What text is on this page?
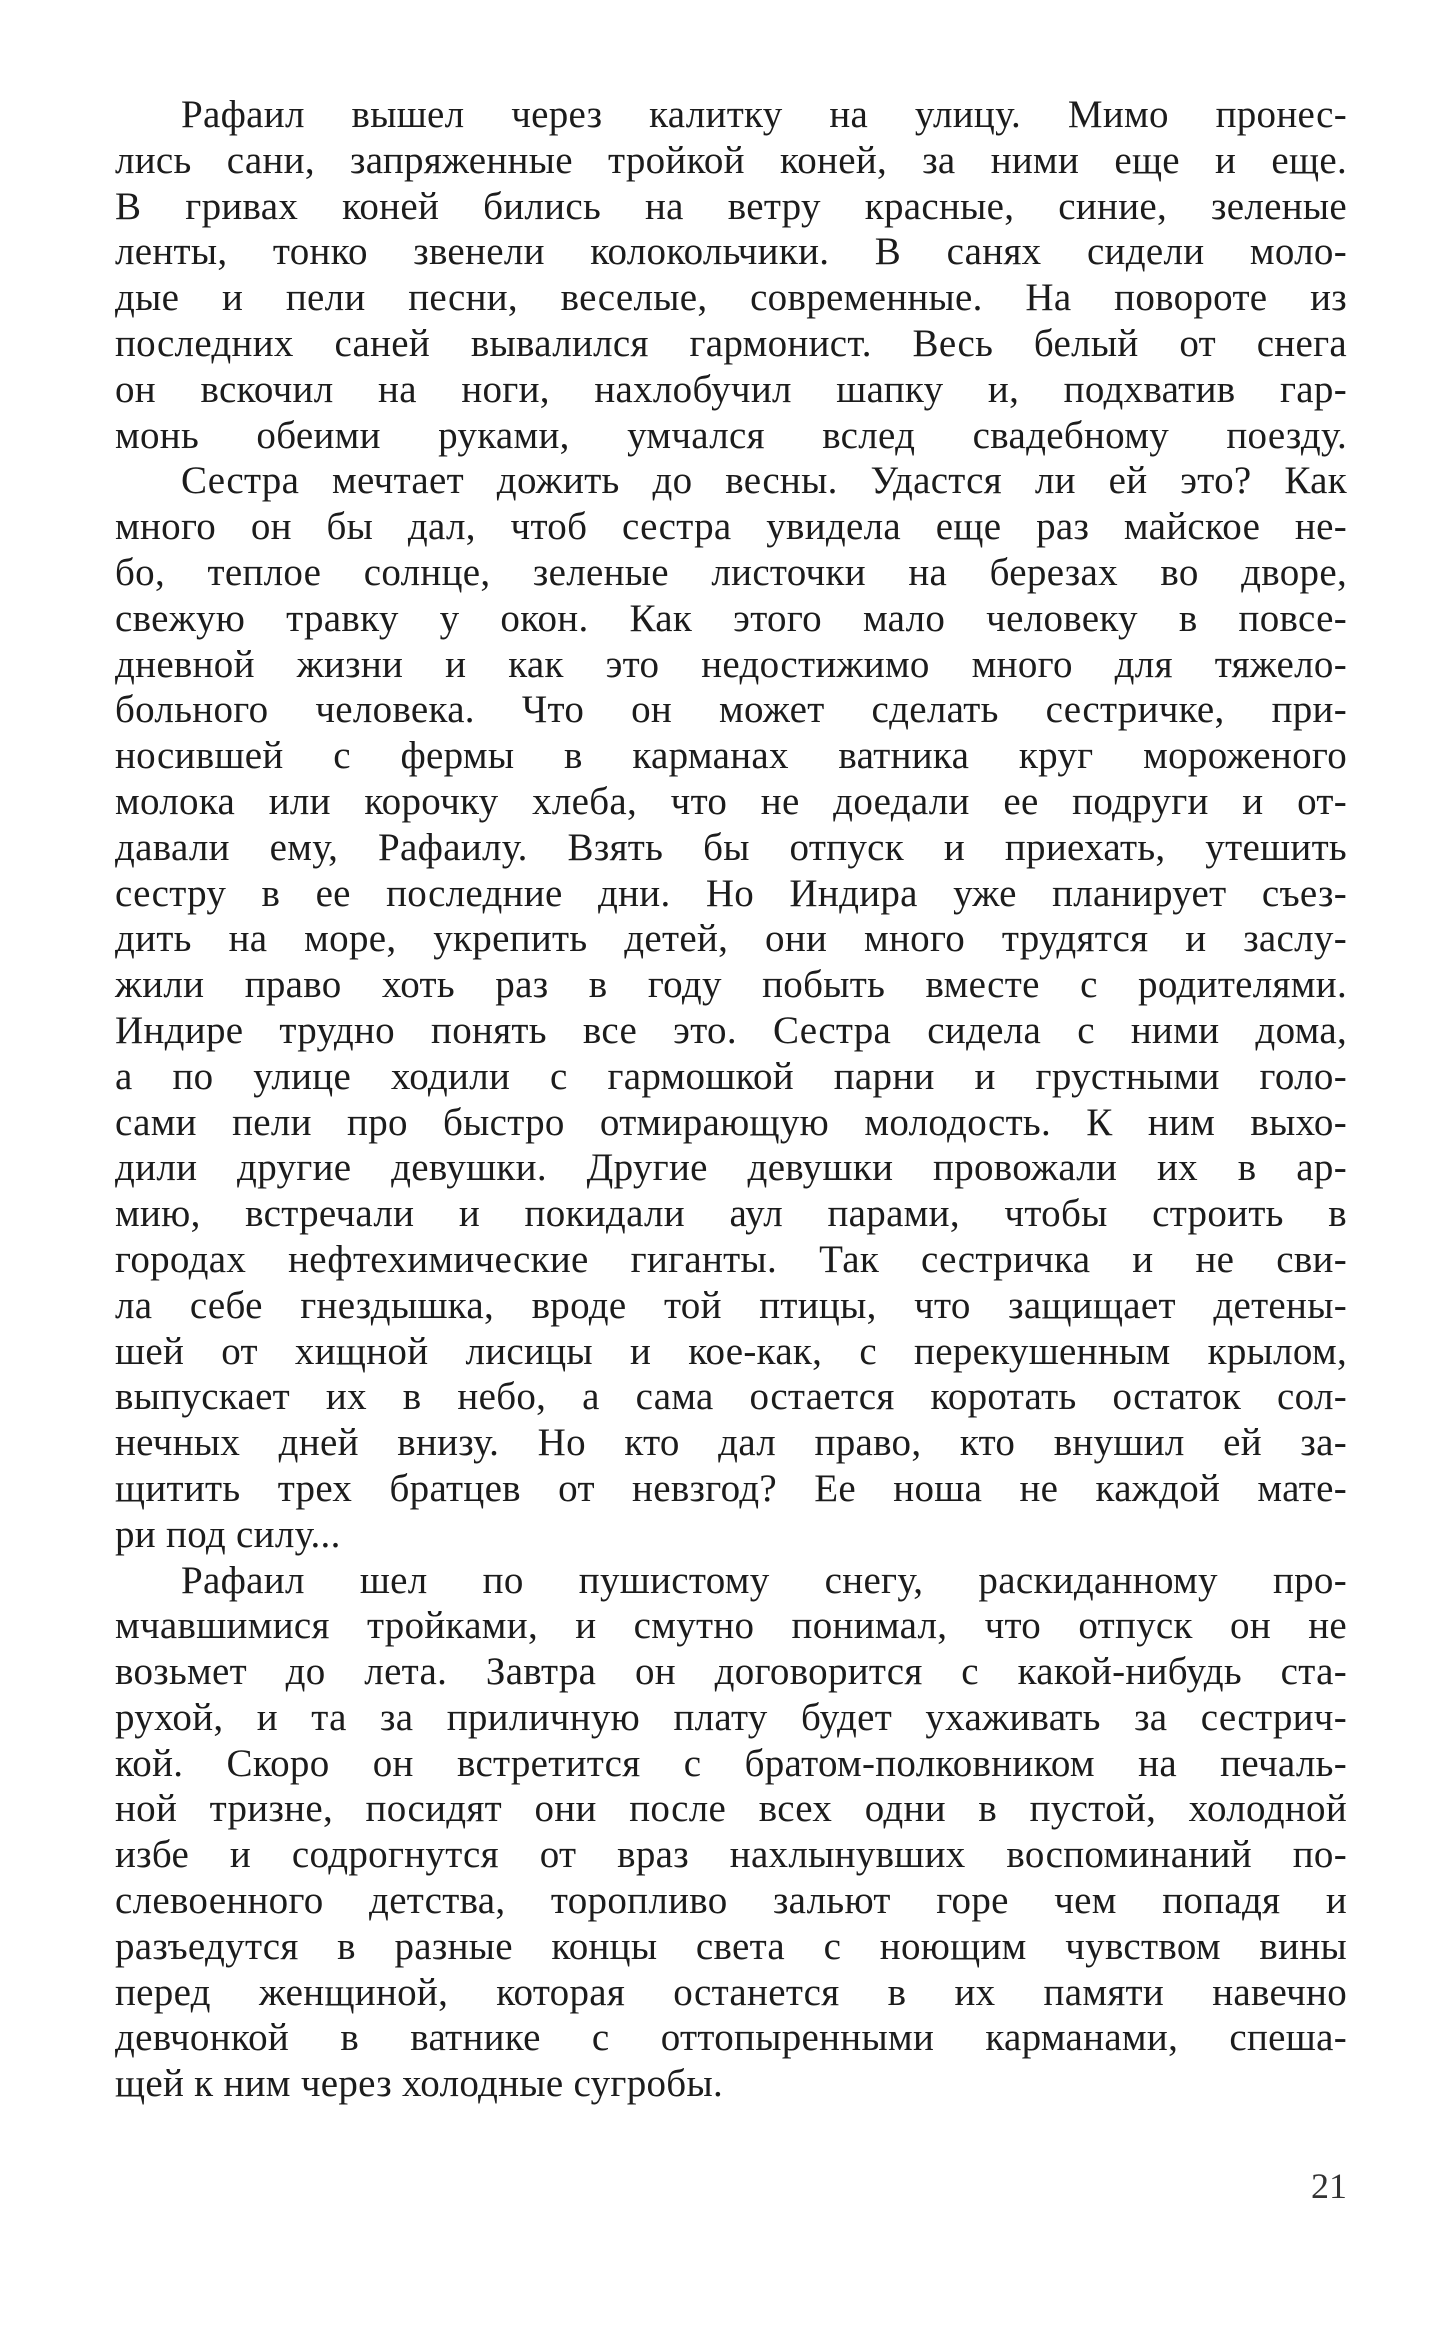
Рафаил вышел через калитку на улицу. Мимо пронес-
лись сани, запряженные тройкой коней, за ними еще и еще.
В гривах коней бились на ветру красные, синие, зеленые
ленты, тонко звенели колокольчики. В санях сидели моло-
дые и пели песни, веселые, современные. На повороте из
последних саней вывалился гармонист. Весь белый от снега
он вскочил на ноги, нахлобучил шапку и, подхватив гар-
монь обеими руками, умчался вслед свадебному поезду.
Сестра мечтает дожить до весны. Удастся ли ей это? Как
много он бы дал, чтоб сестра увидела еще раз майское не-
бо, теплое солнце, зеленые листочки на березах во дворе,
свежую травку у окон. Как этого мало человеку в повсе-
дневной жизни и как это недостижимо много для тяжело-
больного человека. Что он может сделать сестричке, при-
носившей с фермы в карманах ватника круг мороженого
молока или корочку хлеба, что не доедали ее подруги и от-
давали ему, Рафаилу. Взять бы отпуск и приехать, утешить
сестру в ее последние дни. Но Индира уже планирует съез-
дить на море, укрепить детей, они много трудятся и заслу-
жили право хоть раз в году побыть вместе с родителями.
Индире трудно понять все это. Сестра сидела с ними дома,
а по улице ходили с гармошкой парни и грустными голо-
сами пели про быстро отмирающую молодость. К ним выхо-
дили другие девушки. Другие девушки провожали их в ар-
мию, встречали и покидали аул парами, чтобы строить в
городах нефтехимические гиганты. Так сестричка и не сви-
ла себе гнездышка, вроде той птицы, что защищает детены-
шей от хищной лисицы и кое-как, с перекушенным крылом,
выпускает их в небо, а сама остается коротать остаток сол-
нечных дней внизу. Но кто дал право, кто внушил ей за-
щитить трех братцев от невзгод? Ее ноша не каждой мате-
ри под силу...
Рафаил шел по пушистому снегу, раскиданному про-
мчавшимися тройками, и смутно понимал, что отпуск он не
возьмет до лета. Завтра он договорится с какой-нибудь ста-
рухой, и та за приличную плату будет ухаживать за сестрич-
кой. Скоро он встретится с братом-полковником на печаль-
ной тризне, посидят они после всех одни в пустой, холодной
избе и содрогнутся от враз нахлынувших воспоминаний по-
слевоенного детства, торопливо зальют горе чем попадя и
разъедутся в разные концы света с ноющим чувством вины
перед женщиной, которая останется в их памяти навечно
девчонкой в ватнике с оттопыренными карманами, спеша-
щей к ним через холодные сугробы.
21
